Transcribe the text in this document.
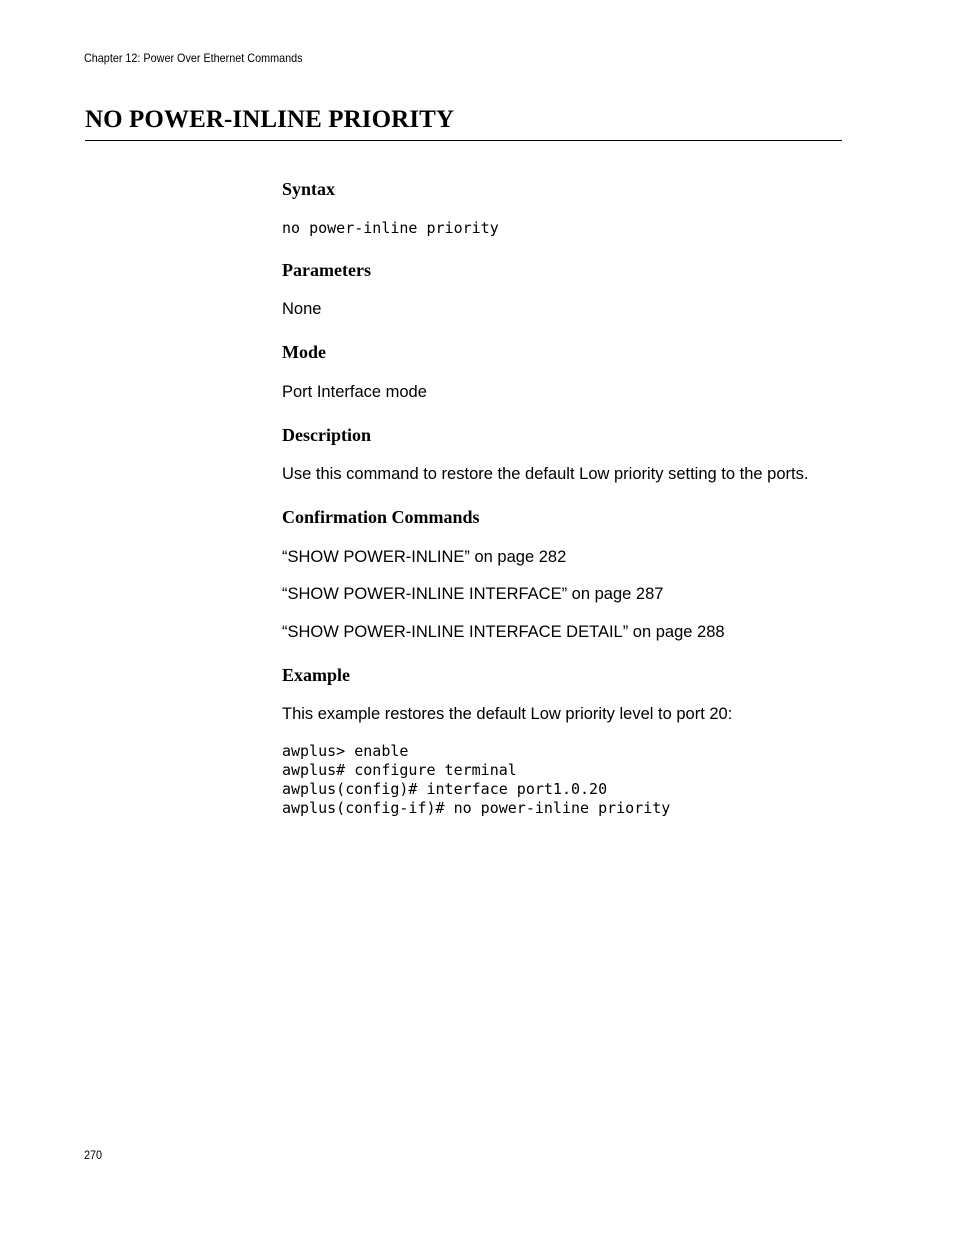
Chapter 12: Power Over Ethernet Commands
NO POWER-INLINE PRIORITY
Syntax
no power-inline priority
Parameters

None

Mode

Port Interface mode

Description

Use this command to restore the default Low priority setting to the ports.

Confirmation Commands

“SHOW POWER-INLINE” on page 282

“SHOW POWER-INLINE INTERFACE” on page 287

“SHOW POWER-INLINE INTERFACE DETAIL” on page 288

Example

This example restores the default Low priority level to port 20:

awplus> enable
awplus# configure terminal
awplus(config)# interface port1.0.20
awplus(config-if)# no power-inline priority
270
